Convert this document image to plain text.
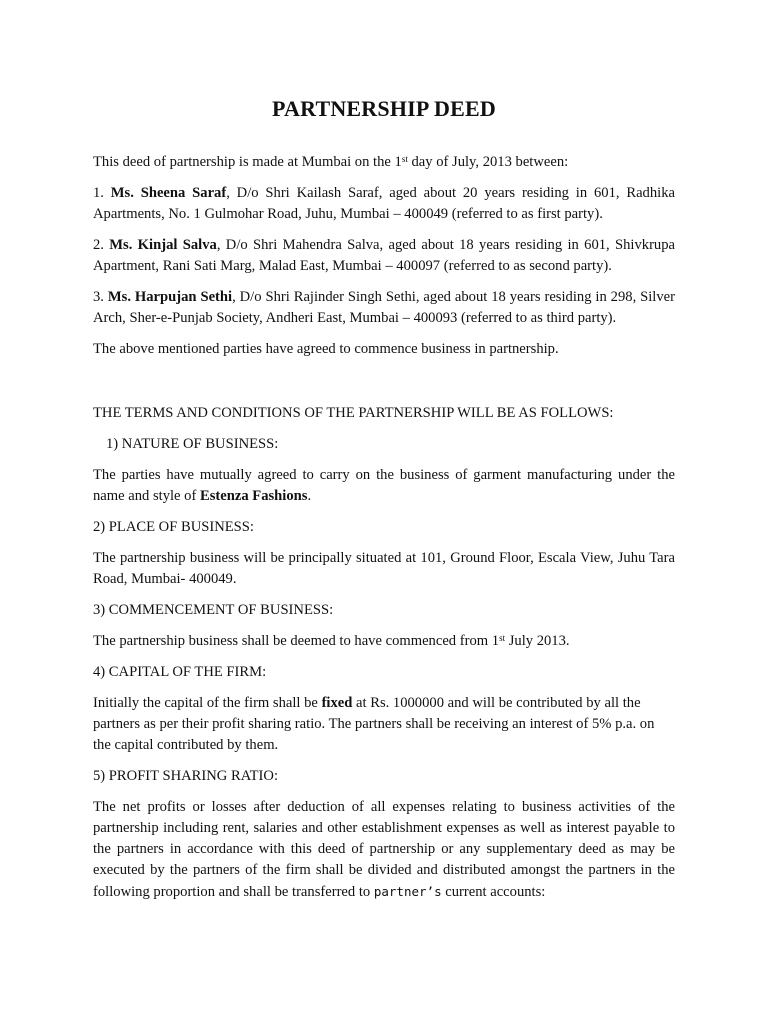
PARTNERSHIP DEED

This deed of partnership is made at Mumbai on the 1st day of July, 2013 between:

1. Ms. Sheena Saraf, D/o Shri Kailash Saraf, aged about 20 years residing in 601, Radhika Apartments, No. 1 Gulmohar Road, Juhu, Mumbai – 400049 (referred to as first party).

2. Ms. Kinjal Salva, D/o Shri Mahendra Salva, aged about 18 years residing in 601, Shivkrupa Apartment, Rani Sati Marg, Malad East, Mumbai – 400097 (referred to as second party).

3. Ms. Harpujan Sethi, D/o Shri Rajinder Singh Sethi, aged about 18 years residing in 298, Silver Arch, Sher-e-Punjab Society, Andheri East, Mumbai – 400093 (referred to as third party).

The above mentioned parties have agreed to commence business in partnership.

THE TERMS AND CONDITIONS OF THE PARTNERSHIP WILL BE AS FOLLOWS:

1) NATURE OF BUSINESS:

The parties have mutually agreed to carry on the business of garment manufacturing under the name and style of Estenza Fashions.

2) PLACE OF BUSINESS:

The partnership business will be principally situated at 101, Ground Floor, Escala View, Juhu Tara Road, Mumbai- 400049.

3) COMMENCEMENT OF BUSINESS:

The partnership business shall be deemed to have commenced from 1st July 2013.

4) CAPITAL OF THE FIRM:

Initially the capital of the firm shall be fixed at Rs. 1000000 and will be contributed by all the partners as per their profit sharing ratio. The partners shall be receiving an interest of 5% p.a. on the capital contributed by them.

5) PROFIT SHARING RATIO:

The net profits or losses after deduction of all expenses relating to business activities of the partnership including rent, salaries and other establishment expenses as well as interest payable to the partners in accordance with this deed of partnership or any supplementary deed as may be executed by the partners of the firm shall be divided and distributed amongst the partners in the following proportion and shall be transferred to partner’s current accounts:
